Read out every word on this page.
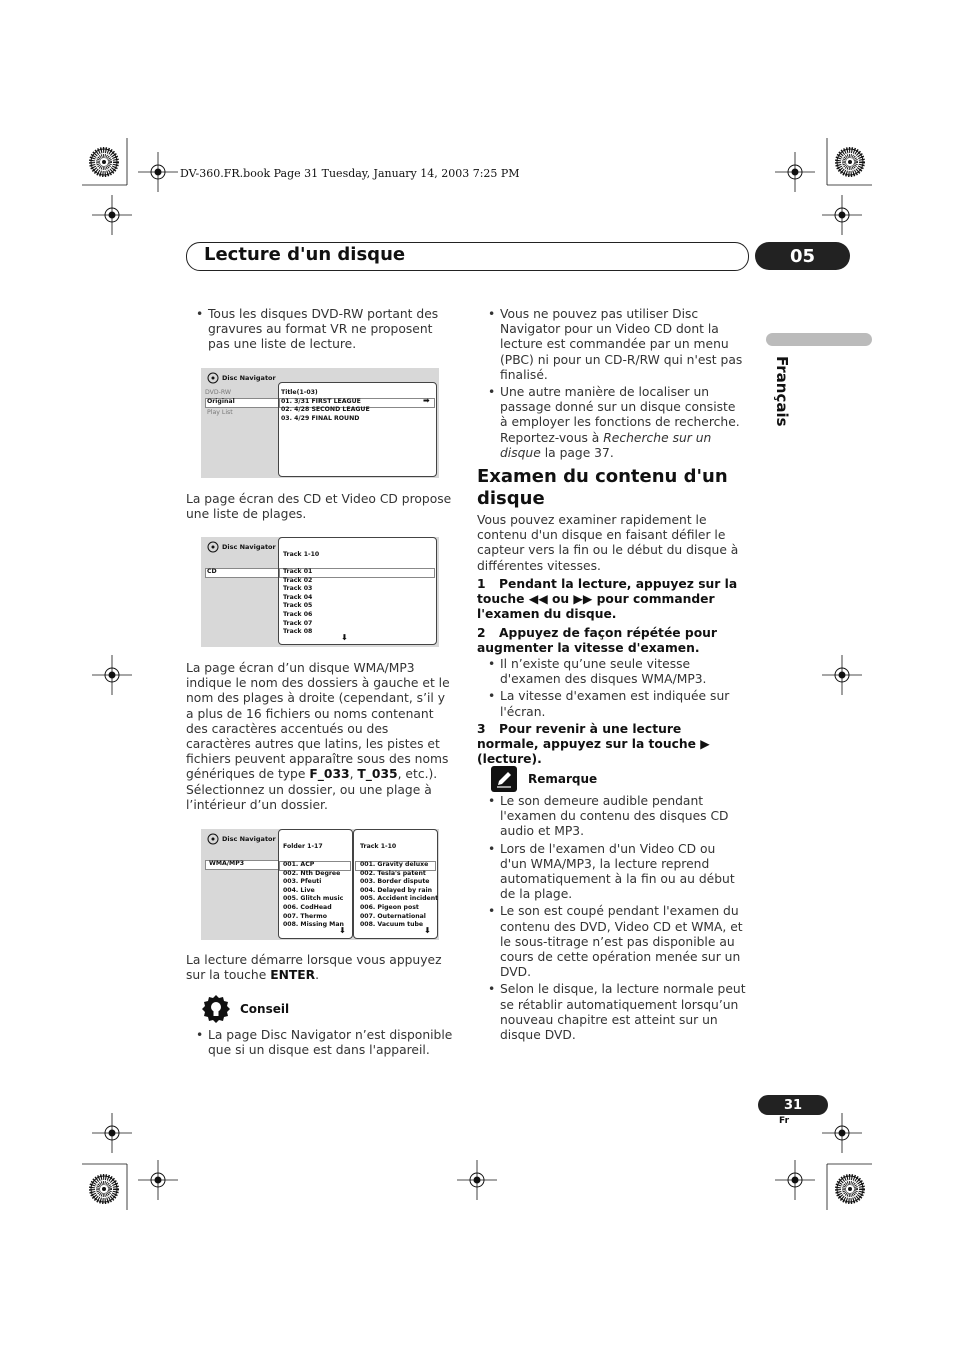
DV-360.FR.book Page 31 Tuesday, January 14, 2003 7:25 PM
Lecture d'un disque	05
Français
• Tous les disques DVD-RW portant des gravures au format VR ne proposent pas une liste de lecture.
Disc Navigator
DVD-RW
Original
Play List
Title(1-03)
01. 3/31 FIRST LEAGUE	➡
02. 4/28 SECOND LEAGUE
03. 4/29 FINAL ROUND
La page écran des CD et Video CD propose une liste de plages.
Disc Navigator
CD
Track 1-10
Track 01
Track 02
Track 03
Track 04
Track 05
Track 06
Track 07
Track 08
⬇
La page écran d’un disque WMA/MP3 indique le nom des dossiers à gauche et le nom des plages à droite (cependant, s’il y a plus de 16 fichiers ou noms contenant des caractères accentués ou des caractères autres que latins, les pistes et fichiers peuvent apparaître sous des noms génériques de type F_033, T_035, etc.). Sélectionnez un dossier, ou une plage à l’intérieur d’un dossier.
Disc Navigator
WMA/MP3
Folder 1-17	Track 1-10
001. ACP
002. Nth Degree
003. Pfeuti
004. Live
005. Glitch music
006. CodHead
007. Thermo
008. Missing Man
001. Gravity deluxe
002. Tesla's patent
003. Border dispute
004. Delayed by rain
005. Accident incident
006. Pigeon post
007. Outernational
008. Vacuum tube
⬇	⬇
La lecture démarre lorsque vous appuyez sur la touche ENTER.
Conseil
• La page Disc Navigator n’est disponible que si un disque est dans l'appareil.
• Vous ne pouvez pas utiliser Disc Navigator pour un Video CD dont la lecture est commandée par un menu (PBC) ni pour un CD-R/RW qui n'est pas finalisé.
• Une autre manière de localiser un passage donné sur un disque consiste à employer les fonctions de recherche. Reportez-vous à Recherche sur un disque la page 37.
Examen du contenu d'un disque
Vous pouvez examiner rapidement le contenu d'un disque en faisant défiler le capteur vers la fin ou le début du disque à différentes vitesses.
1 Pendant la lecture, appuyez sur la touche ◀◀ ou ▶▶ pour commander l'examen du disque.
2 Appuyez de façon répétée pour augmenter la vitesse d'examen.
• Il n’existe qu’une seule vitesse d'examen des disques WMA/MP3.
• La vitesse d'examen est indiquée sur l'écran.
3 Pour revenir à une lecture normale, appuyez sur la touche ▶ (lecture).
Remarque
• Le son demeure audible pendant l'examen du contenu des disques CD audio et MP3.
• Lors de l'examen d'un Video CD ou d'un WMA/MP3, la lecture reprend automatiquement à la fin ou au début de la plage.
• Le son est coupé pendant l'examen du contenu des DVD, Video CD et WMA, et le sous-titrage n’est pas disponible au cours de cette opération menée sur un DVD.
• Selon le disque, la lecture normale peut se rétablir automatiquement lorsqu’un nouveau chapitre est atteint sur un disque DVD.
31
Fr
